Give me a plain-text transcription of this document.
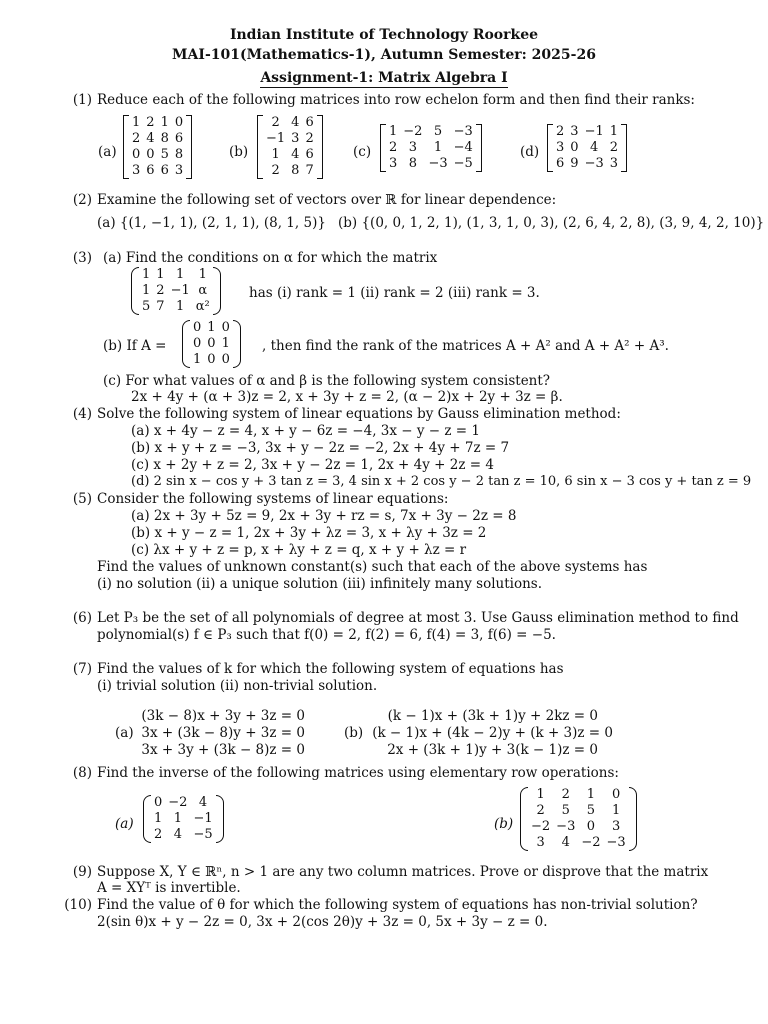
Indian Institute of Technology Roorkee
MAI-101(Mathematics-1), Autumn Semester: 2025-26
Assignment-1: Matrix Algebra I
(1) Reduce each of the following matrices into row echelon form and then find their ranks:
(a)
1	2	1	0
2	4	8	6
0	0	5	8
3	6	6	3
(b)
2	4	6
−1	3	2
1	4	6
2	8	7
(c)
1	−2	5	−3
2	3	1	−4
3	8	−3	−5
(d)
2	3	−1	1
3	0	4	2
6	9	−3	3
(2) Examine the following set of vectors over ℝ for linear dependence:
(a) {(1, −1, 1), (2, 1, 1), (8, 1, 5)} (b) {(0, 0, 1, 2, 1), (1, 3, 1, 0, 3), (2, 6, 4, 2, 8), (3, 9, 4, 2, 10)}
(3) (a) Find the conditions on α for which the matrix
1	1	1	1
1	2	−1	α
5	7	1	α²
has (i) rank = 1 (ii) rank = 2 (iii) rank = 3.
(b) If A =
0	1	0
0	0	1
1	0	0
, then find the rank of the matrices A + A² and A + A² + A³.
(c) For what values of α and β is the following system consistent?
2x + 4y + (α + 3)z = 2, x + 3y + z = 2, (α − 2)x + 2y + 3z = β.
(4) Solve the following system of linear equations by Gauss elimination method:
(a) x + 4y − z = 4, x + y − 6z = −4, 3x − y − z = 1
(b) x + y + z = −3, 3x + y − 2z = −2, 2x + 4y + 7z = 7
(c) x + 2y + z = 2, 3x + y − 2z = 1, 2x + 4y + 2z = 4
(d) 2 sin x − cos y + 3 tan z = 3, 4 sin x + 2 cos y − 2 tan z = 10, 6 sin x − 3 cos y + tan z = 9
(5) Consider the following systems of linear equations:
(a) 2x + 3y + 5z = 9, 2x + 3y + rz = s, 7x + 3y − 2z = 8
(b) x + y − z = 1, 2x + 3y + λz = 3, x + λy + 3z = 2
(c) λx + y + z = p, x + λy + z = q, x + y + λz = r
Find the values of unknown constant(s) such that each of the above systems has
(i) no solution (ii) a unique solution (iii) infinitely many solutions.
(6) Let P₃ be the set of all polynomials of degree at most 3. Use Gauss elimination method to find
polynomial(s) f ∈ P₃ such that f(0) = 2, f(2) = 6, f(4) = 3, f(6) = −5.
(7) Find the values of k for which the following system of equations has
(i) trivial solution (ii) non-trivial solution.
(a)
(3k − 8)x + 3y + 3z = 0
3x + (3k − 8)y + 3z = 0
3x + 3y + (3k − 8)z = 0
(b)
(k − 1)x + (3k + 1)y + 2kz = 0
(k − 1)x + (4k − 2)y + (k + 3)z = 0
2x + (3k + 1)y + 3(k − 1)z = 0
(8) Find the inverse of the following matrices using elementary row operations:
(a)
0	−2	4
1	1	−1
2	4	−5
(b)
1	2	1	0
2	5	5	1
−2	−3	0	3
3	4	−2	−3
(9) Suppose X, Y ∈ ℝⁿ, n > 1 are any two column matrices. Prove or disprove that the matrix
A = XYᵀ is invertible.
(10) Find the value of θ for which the following system of equations has non-trivial solution?
2(sin θ)x + y − 2z = 0, 3x + 2(cos 2θ)y + 3z = 0, 5x + 3y − z = 0.
